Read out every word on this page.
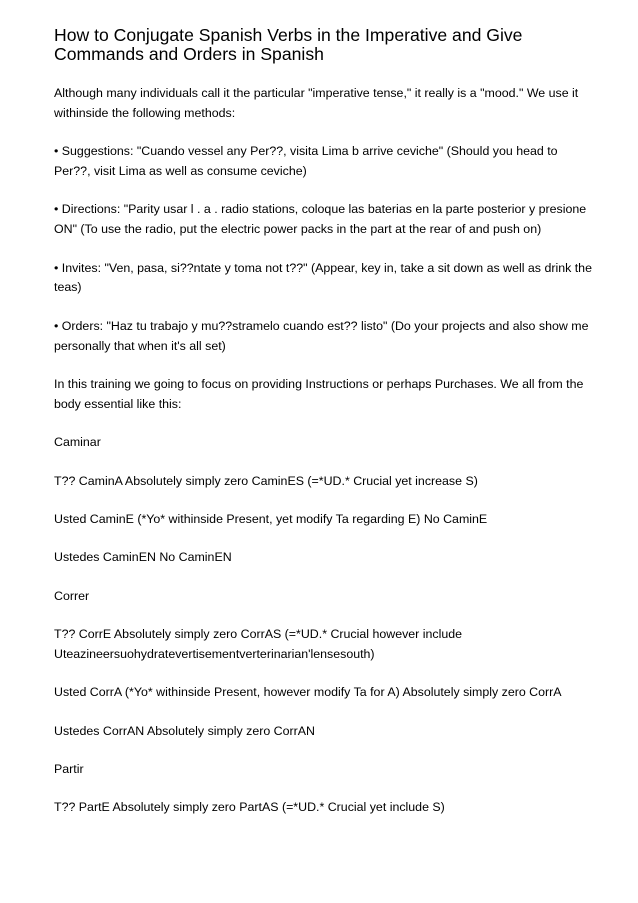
How to Conjugate Spanish Verbs in the Imperative and Give Commands and Orders in Spanish

Although many individuals call it the particular "imperative tense," it really is a "mood." We use it withinside the following methods:

• Suggestions: "Cuando vessel any Per??, visita Lima b arrive ceviche" (Should you head to Per??, visit Lima as well as consume ceviche)

• Directions: "Parity usar l . a . radio stations, coloque las baterias en la parte posterior y presione ON" (To use the radio, put the electric power packs in the part at the rear of and push on)

• Invites: "Ven, pasa, si??ntate y toma not t??" (Appear, key in, take a sit down as well as drink the teas)

• Orders: "Haz tu trabajo y mu??stramelo cuando est?? listo" (Do your projects and also show me personally that when it's all set)

In this training we going to focus on providing Instructions or perhaps Purchases. We all from the body essential like this:

Caminar

T?? CaminA Absolutely simply zero CaminES (=*UD.* Crucial yet increase S)

Usted CaminE (*Yo* withinside Present, yet modify Ta regarding E) No CaminE

Ustedes CaminEN No CaminEN

Correr

T?? CorrE Absolutely simply zero CorrAS (=*UD.* Crucial however include Uteazineersuohydratevertisementverterinarian'lensesouth)

Usted CorrA (*Yo* withinside Present, however modify Ta for A) Absolutely simply zero CorrA

Ustedes CorrAN Absolutely simply zero CorrAN

Partir

T?? PartE Absolutely simply zero PartAS (=*UD.* Crucial yet include S)
